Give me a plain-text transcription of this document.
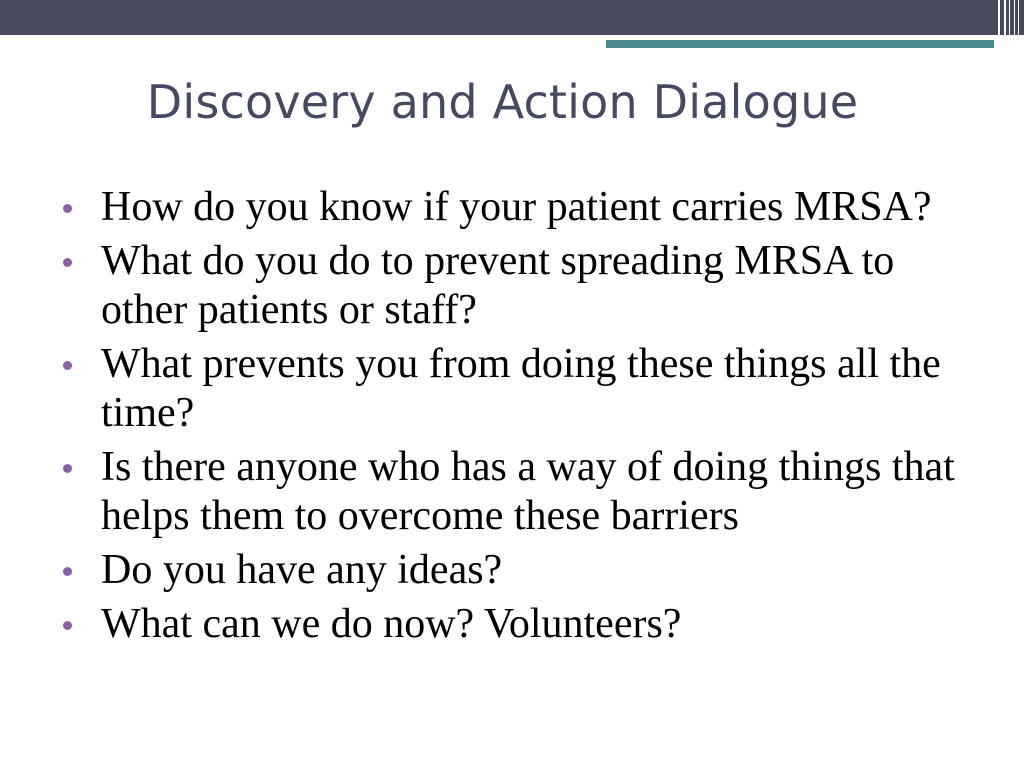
Discovery and Action Dialogue
How do you know if your patient carries MRSA?
What do you do to prevent spreading MRSA to other patients or staff?
What prevents you from doing these things all the time?
Is there anyone who has a way of doing things that helps them to overcome these barriers
Do you have any ideas?
What can we do now? Volunteers?
